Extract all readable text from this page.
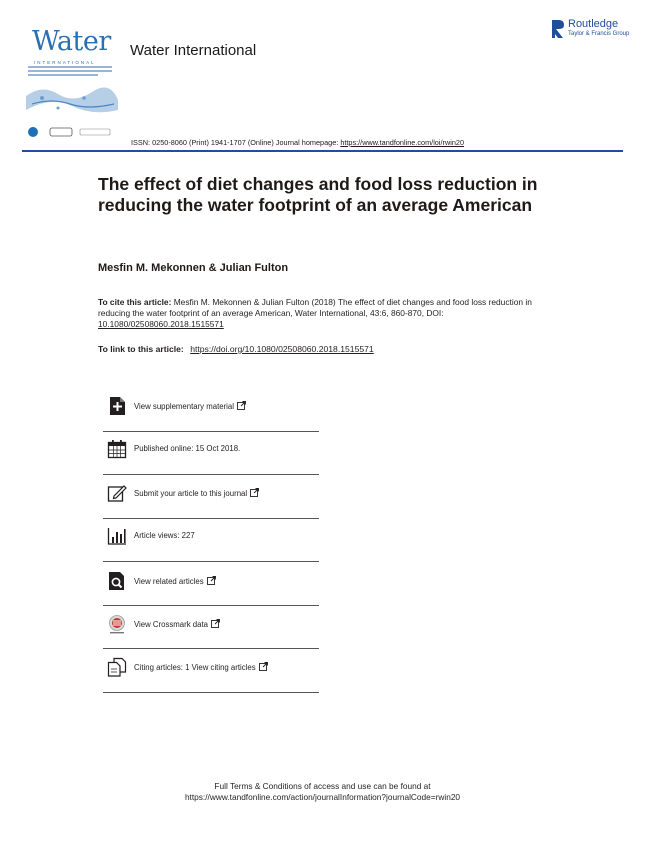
Water
INTERNATIONAL
Water International
Routledge
Taylor & Francis Group
ISSN: 0250-8060 (Print) 1941-1707 (Online) Journal homepage: https://www.tandfonline.com/loi/rwin20
The effect of diet changes and food loss reduction in reducing the water footprint of an average American
Mesfin M. Mekonnen & Julian Fulton
To cite this article: Mesfin M. Mekonnen & Julian Fulton (2018) The effect of diet changes and food loss reduction in reducing the water footprint of an average American, Water International, 43:6, 860-870, DOI: 10.1080/02508060.2018.1515571
To link to this article: https://doi.org/10.1080/02508060.2018.1515571
View supplementary material
Published online: 15 Oct 2018.
Submit your article to this journal
Article views: 227
View related articles
View Crossmark data
Citing articles: 1 View citing articles
Full Terms & Conditions of access and use can be found at
https://www.tandfonline.com/action/journalInformation?journalCode=rwin20
